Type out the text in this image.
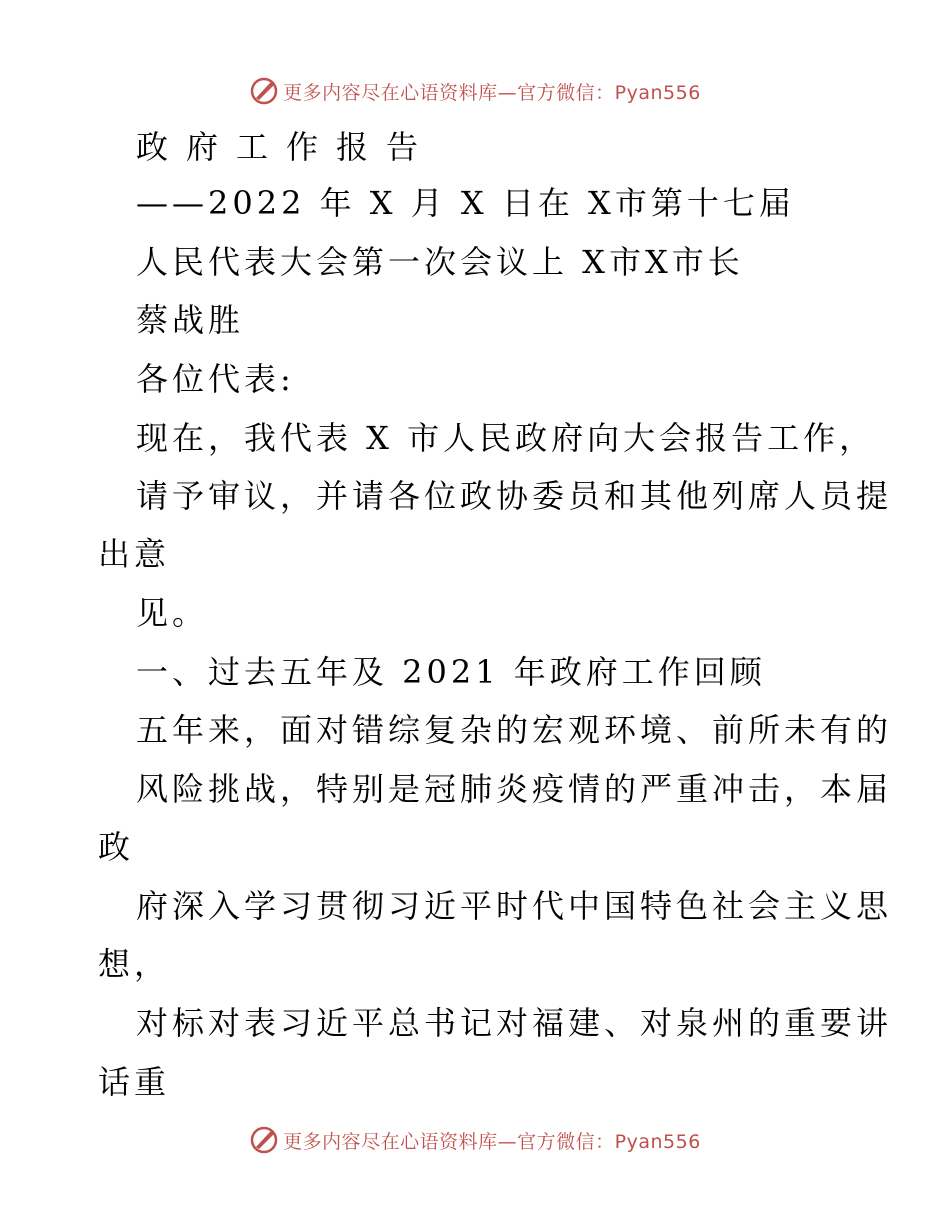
更多内容尽在心语资料库—官方微信：Pyan556

政府工作报告

——2022 年 X 月 X 日在 X市第十七届

人民代表大会第一次会议上 X市X市长

蔡战胜

各位代表:

现在，我代表 X 市人民政府向大会报告工作，

请予审议，并请各位政协委员和其他列席人员提

出意

见。

一、过去五年及 2021 年政府工作回顾

五年来，面对错综复杂的宏观环境、前所未有的

风险挑战，特别是冠肺炎疫情的严重冲击，本届

政

府深入学习贯彻习近平时代中国特色社会主义思

想，

对标对表习近平总书记对福建、对泉州的重要讲

话重

更多内容尽在心语资料库—官方微信：Pyan556
